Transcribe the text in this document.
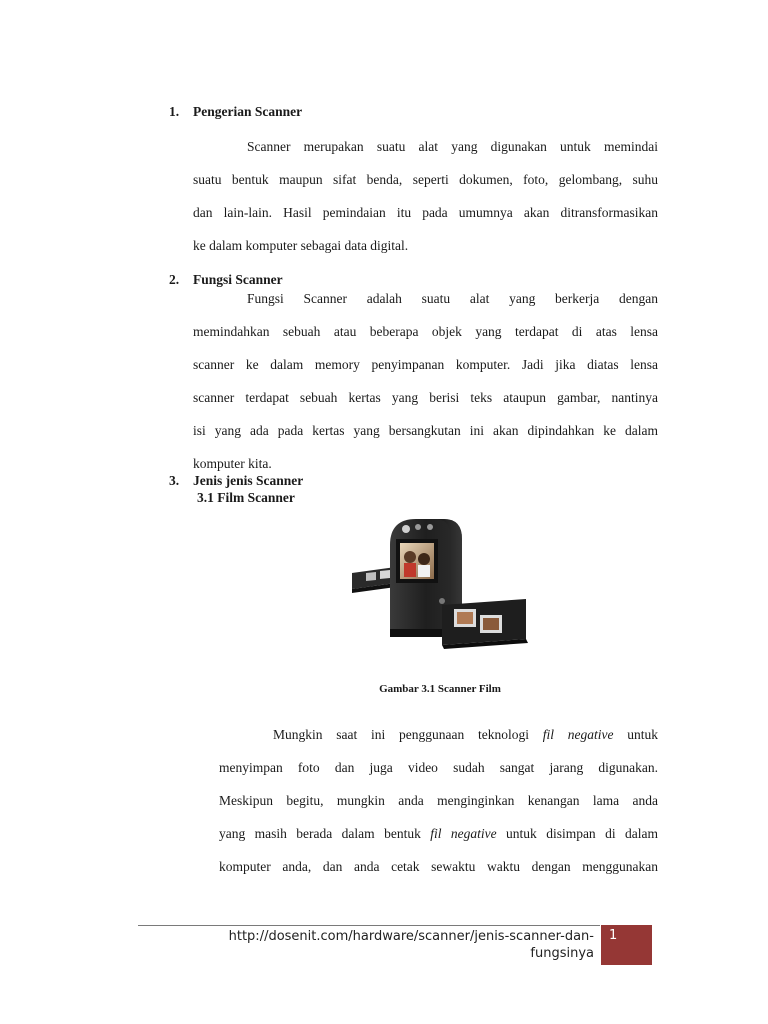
1. Pengerian Scanner
Scanner merupakan suatu alat yang digunakan untuk memindai
suatu bentuk maupun sifat benda, seperti dokumen, foto, gelombang, suhu
dan lain-lain. Hasil pemindaian itu pada umumnya akan ditransformasikan
ke dalam komputer sebagai data digital.
2. Fungsi Scanner
Fungsi Scanner adalah suatu alat yang berkerja dengan
memindahkan sebuah atau beberapa objek yang terdapat di atas lensa
scanner ke dalam memory penyimpanan komputer. Jadi jika diatas lensa
scanner terdapat sebuah kertas yang berisi teks ataupun gambar, nantinya
isi yang ada pada kertas yang bersangkutan ini akan dipindahkan ke dalam
komputer kita.
3. Jenis jenis Scanner
3.1 Film Scanner
Gambar 3.1 Scanner Film
Mungkin saat ini penggunaan teknologi fil negative untuk
menyimpan foto dan juga video sudah sangat jarang digunakan.
Meskipun begitu, mungkin anda menginginkan kenangan lama anda
yang masih berada dalam bentuk fil negative untuk disimpan di dalam
komputer anda, dan anda cetak sewaktu waktu dengan menggunakan
http://dosenit.com/hardware/scanner/jenis-scanner-dan-
fungsinya
1
